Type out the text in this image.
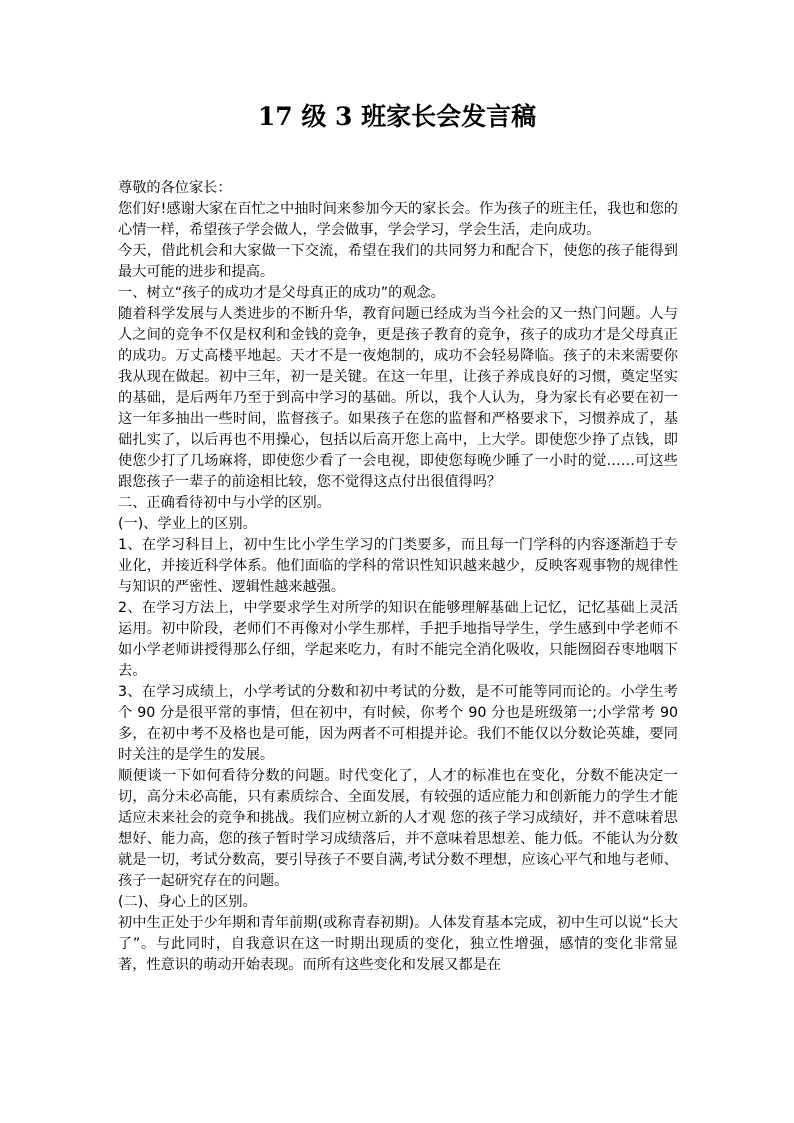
17 级 3 班家长会发言稿

尊敬的各位家长：

您们好!感谢大家在百忙之中抽时间来参加今天的家长会。作为孩子的班主任，我也和您的心情一样，希望孩子学会做人，学会做事，学会学习，学会生活，走向成功。

今天，借此机会和大家做一下交流，希望在我们的共同努力和配合下，使您的孩子能得到最大可能的进步和提高。

一、树立“孩子的成功才是父母真正的成功”的观念。

随着科学发展与人类进步的不断升华，教育问题已经成为当今社会的又一热门问题。人与人之间的竞争不仅是权利和金钱的竞争，更是孩子教育的竞争，孩子的成功才是父母真正的成功。万丈高楼平地起。天才不是一夜炮制的，成功不会轻易降临。孩子的未来需要你我从现在做起。初中三年，初一是关键。在这一年里，让孩子养成良好的习惯，奠定坚实的基础，是后两年乃至于到高中学习的基础。所以，我个人认为，身为家长有必要在初一这一年多抽出一些时间，监督孩子。如果孩子在您的监督和严格要求下，习惯养成了，基础扎实了，以后再也不用操心，包括以后高开您上高中，上大学。即使您少挣了点钱，即使您少打了几场麻将，即使您少看了一会电视，即使您每晚少睡了一小时的觉……可这些跟您孩子一辈子的前途相比较，您不觉得这点付出很值得吗？

二、正确看待初中与小学的区别。

(一)、学业上的区别。

1、在学习科目上，初中生比小学生学习的门类要多，而且每一门学科的内容逐渐趋于专业化，并接近科学体系。他们面临的学科的常识性知识越来越少，反映客观事物的规律性与知识的严密性、逻辑性越来越强。

2、在学习方法上，中学要求学生对所学的知识在能够理解基础上记忆，记忆基础上灵活运用。初中阶段，老师们不再像对小学生那样，手把手地指导学生，学生感到中学老师不如小学老师讲授得那么仔细，学起来吃力，有时不能完全消化吸收，只能囫囵吞枣地咽下去。

3、在学习成绩上，小学考试的分数和初中考试的分数，是不可能等同而论的。小学生考个 90 分是很平常的事情，但在初中，有时候，你考个 90 分也是班级第一;小学常考 90 多，在初中考不及格也是可能，因为两者不可相提并论。我们不能仅以分数论英雄，要同时关注的是学生的发展。

顺便谈一下如何看待分数的问题。时代变化了，人才的标准也在变化，分数不能决定一切，高分未必高能，只有素质综合、全面发展，有较强的适应能力和创新能力的学生才能适应未来社会的竞争和挑战。我们应树立新的人才观 您的孩子学习成绩好，并不意味着思想好、能力高，您的孩子暂时学习成绩落后，并不意味着思想差、能力低。不能认为分数就是一切，考试分数高，要引导孩子不要自满,考试分数不理想，应该心平气和地与老师、孩子一起研究存在的问题。

(二)、身心上的区别。

初中生正处于少年期和青年前期(或称青春初期)。人体发育基本完成，初中生可以说“长大了”。与此同时，自我意识在这一时期出现质的变化，独立性增强，感情的变化非常显著，性意识的萌动开始表现。而所有这些变化和发展又都是在
